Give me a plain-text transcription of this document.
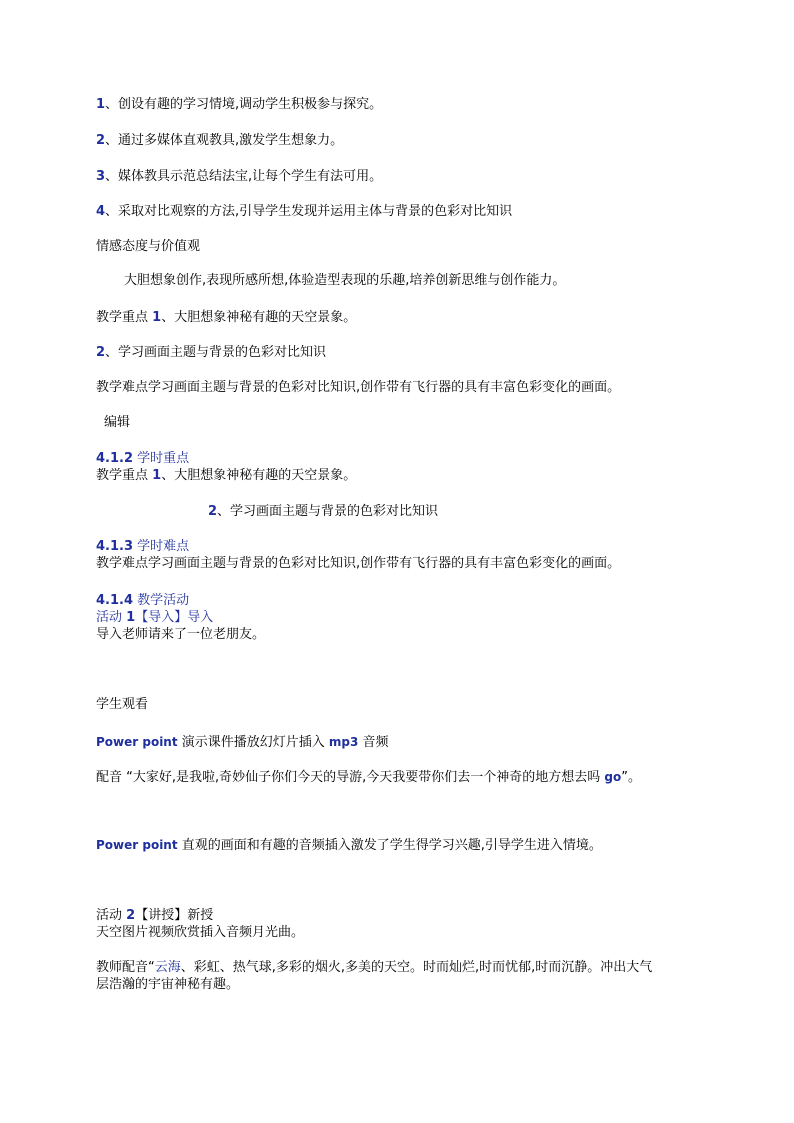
1、创设有趣的学习情境,调动学生积极参与探究。
2、通过多媒体直观教具,激发学生想象力。
3、媒体教具示范总结法宝,让每个学生有法可用。
4、采取对比观察的方法,引导学生发现并运用主体与背景的色彩对比知识
情感态度与价值观
大胆想象创作,表现所感所想,体验造型表现的乐趣,培养创新思维与创作能力。
教学重点 1、大胆想象神秘有趣的天空景象。
2、学习画面主题与背景的色彩对比知识
教学难点学习画面主题与背景的色彩对比知识,创作带有飞行器的具有丰富色彩变化的画面。
编辑
4.1.2 学时重点
教学重点 1、大胆想象神秘有趣的天空景象。
2、学习画面主题与背景的色彩对比知识
4.1.3 学时难点
教学难点学习画面主题与背景的色彩对比知识,创作带有飞行器的具有丰富色彩变化的画面。
4.1.4 教学活动
活动 1【导入】导入
导入老师请来了一位老朋友。
学生观看
Power point 演示课件播放幻灯片插入 mp3 音频
配音 “大家好,是我啦,奇妙仙子你们今天的导游,今天我要带你们去一个神奇的地方想去吗 go”。
Power point 直观的画面和有趣的音频插入激发了学生得学习兴趣,引导学生进入情境。
活动 2【讲授】新授
天空图片视频欣赏插入音频月光曲。
教师配音“云海、彩虹、热气球,多彩的烟火,多美的天空。时而灿烂,时而忧郁,时而沉静。冲出大气
层浩瀚的宇宙神秘有趣。
